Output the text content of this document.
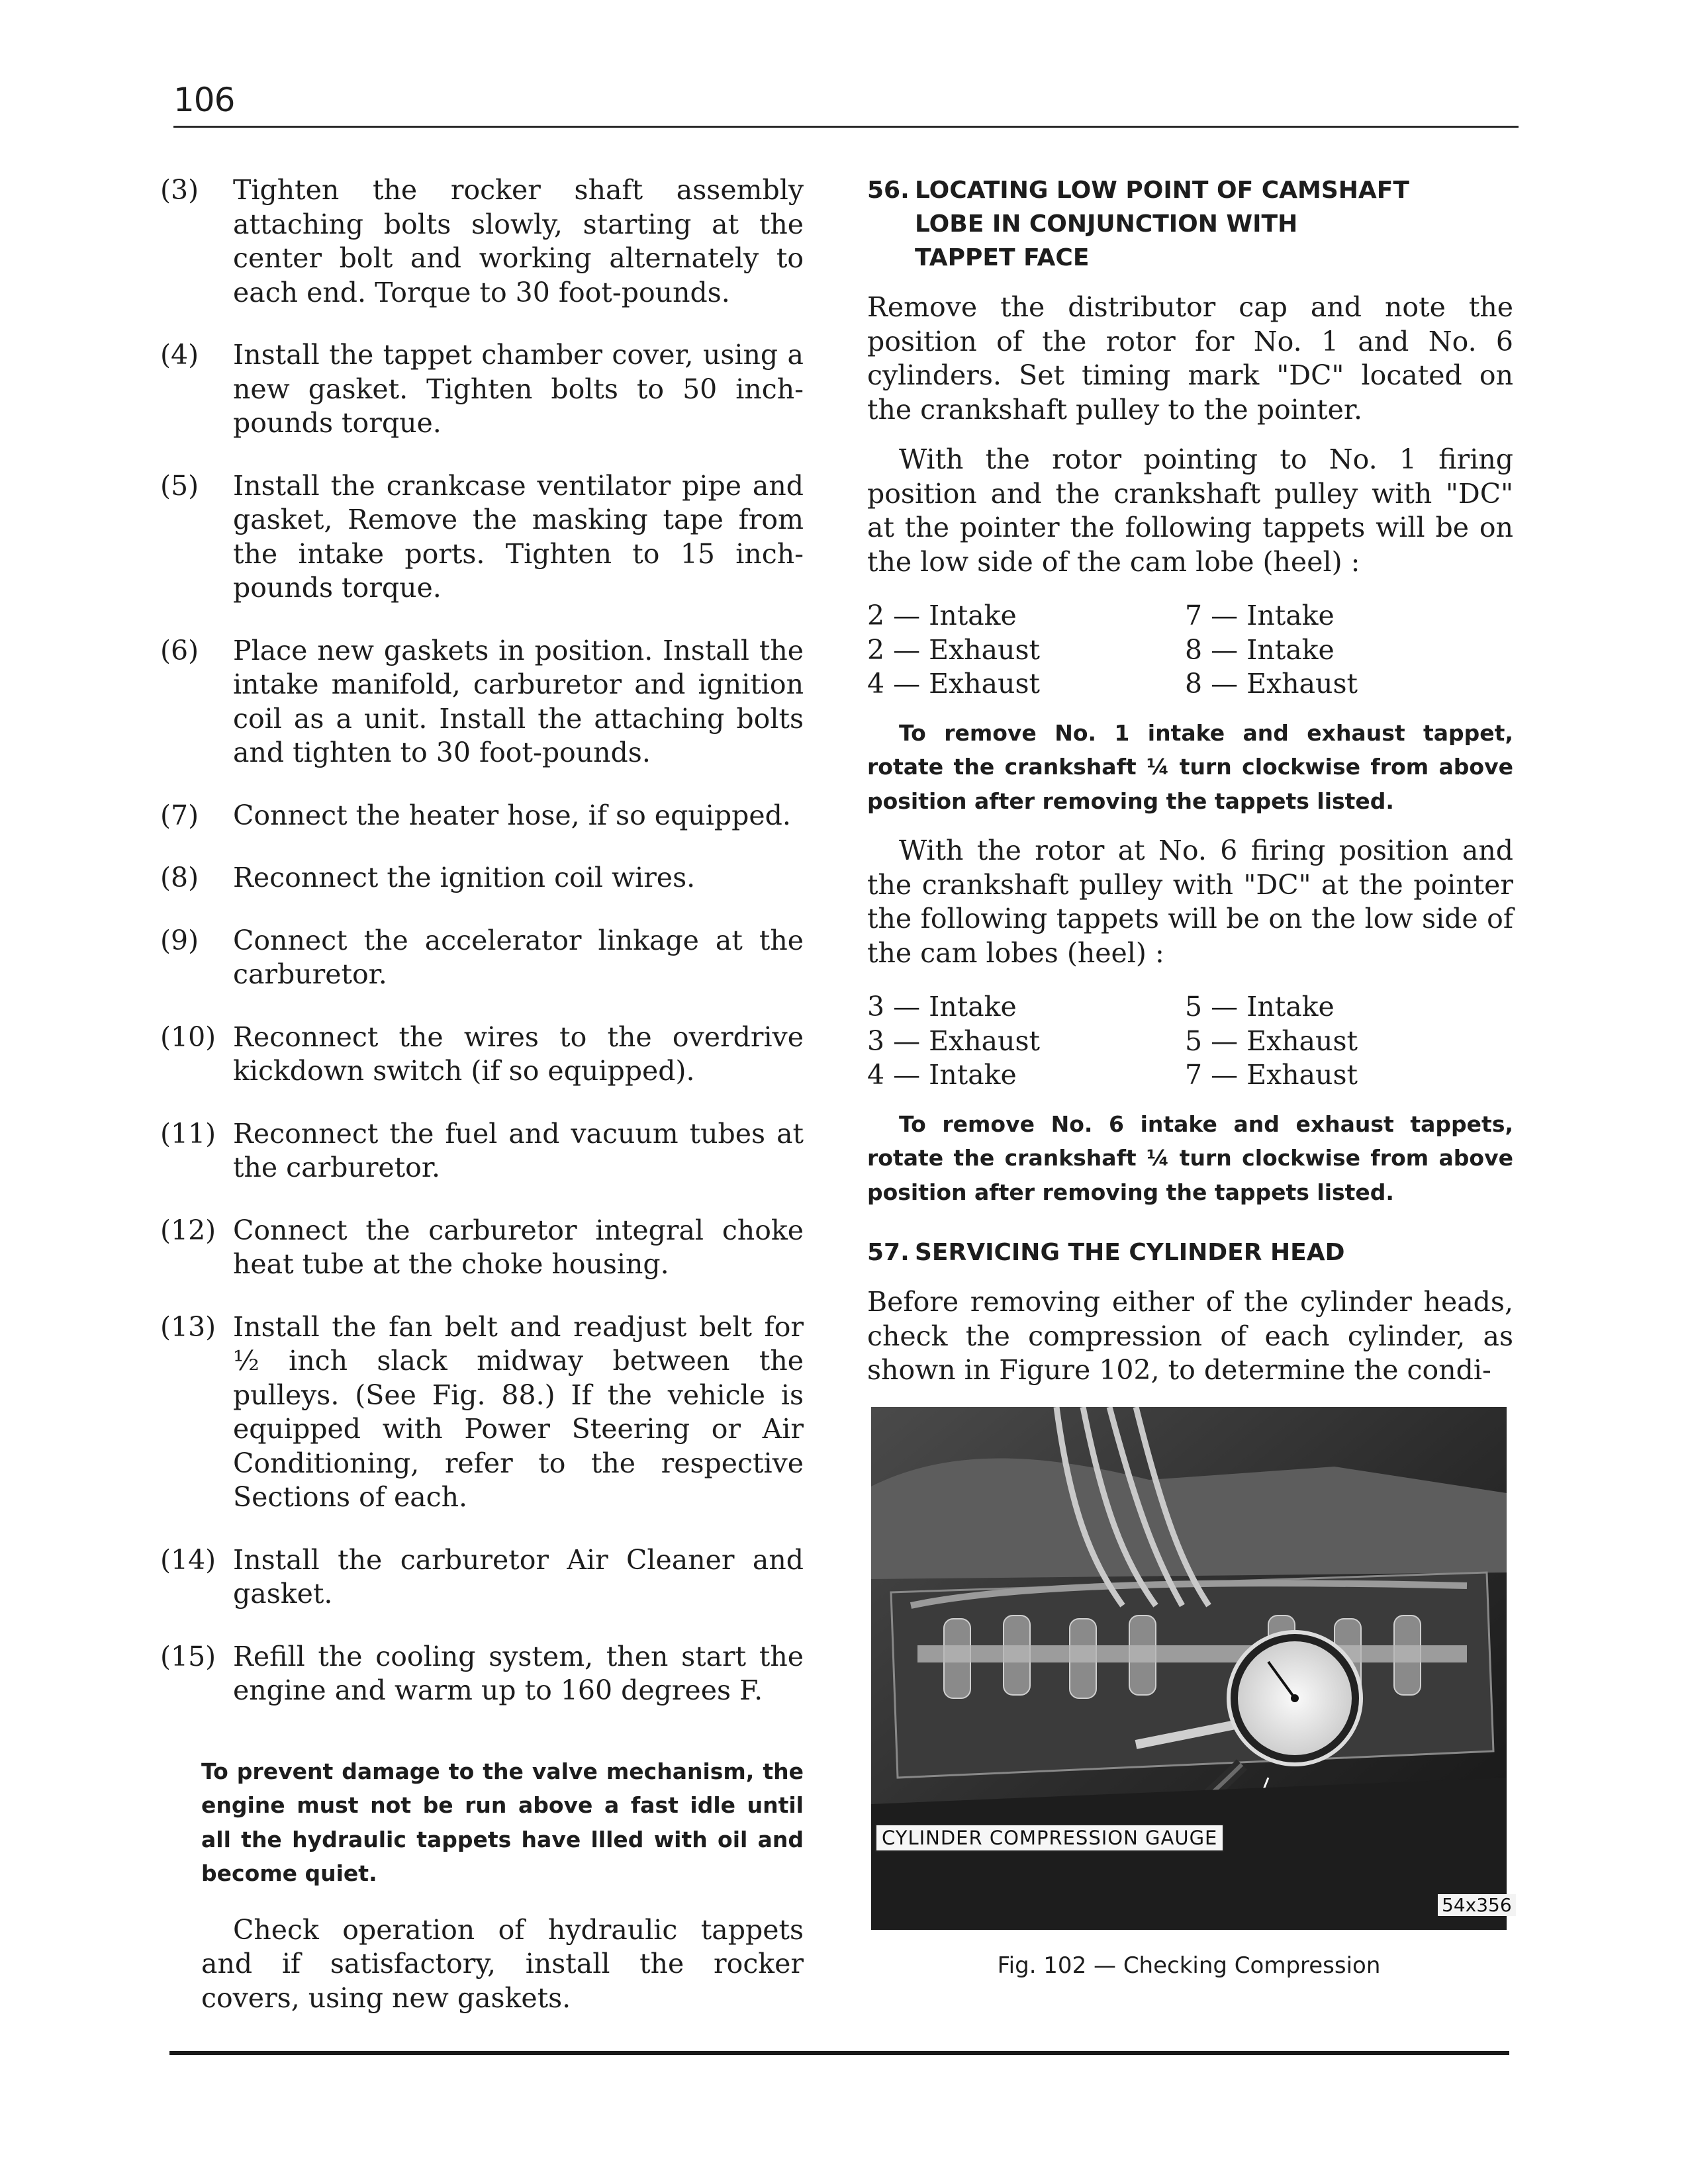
106
(3)	Tighten the rocker shaft assembly attaching bolts slowly, starting at the center bolt and working alternately to each end. Torque to 30 foot-pounds.
(4)	Install the tappet chamber cover, using a new gasket. Tighten bolts to 50 inch-pounds torque.
(5)	Install the crankcase ventilator pipe and gasket, Remove the masking tape from the intake ports. Tighten to 15 inch-pounds torque.
(6)	Place new gaskets in position. Install the intake manifold, carburetor and ignition coil as a unit. Install the attaching bolts and tighten to 30 foot-pounds.
(7)	Connect the heater hose, if so equipped.
(8)	Reconnect the ignition coil wires.
(9)	Connect the accelerator linkage at the carburetor.
(10) Reconnect the wires to the overdrive kickdown switch (if so equipped).
(11) Reconnect the fuel and vacuum tubes at the carburetor.
(12) Connect the carburetor integral choke heat tube at the choke housing.
(13) Install the fan belt and readjust belt for ½ inch slack midway between the pulleys. (See Fig. 88.) If the vehicle is equipped with Power Steering or Air Conditioning, refer to the respective Sections of each.
(14) Install the carburetor Air Cleaner and gasket.
(15) Refill the cooling system, then start the engine and warm up to 160 degrees F.
To prevent damage to the valve mechanism, the engine must not be run above a fast idle until all the hydraulic tappets have llled with oil and become quiet.
Check operation of hydraulic tappets and if satisfactory, install the rocker covers, using new gaskets.
56. LOCATING LOW POINT OF CAMSHAFT
LOBE IN CONJUNCTION WITH
TAPPET FACE
Remove the distributor cap and note the position of the rotor for No. 1 and No. 6 cylinders. Set timing mark "DC" located on the crankshaft pulley to the pointer.
With the rotor pointing to No. 1 firing position and the crankshaft pulley with "DC" at the pointer the following tappets will be on the low side of the cam lobe (heel) :
2 — Intake	7 — Intake
2 — Exhaust	8 — Intake
4 — Exhaust	8 — Exhaust
To remove No. 1 intake and exhaust tappet, rotate the crankshaft ¼ turn clockwise from above position after removing the tappets listed.
With the rotor at No. 6 firing position and the crankshaft pulley with "DC" at the pointer the following tappets will be on the low side of the cam lobes (heel) :
3 — Intake	5 — Intake
3 — Exhaust	5 — Exhaust
4 — Intake	7 — Exhaust
To remove No. 6 intake and exhaust tappets, rotate the crankshaft ¼ turn clockwise from above position after removing the tappets listed.
57. SERVICING THE CYLINDER HEAD
Before removing either of the cylinder heads, check the compression of each cylinder, as shown in Figure 102, to determine the condi-
CYLINDER COMPRESSION GAUGE
54x356
Fig. 102 — Checking Compression
